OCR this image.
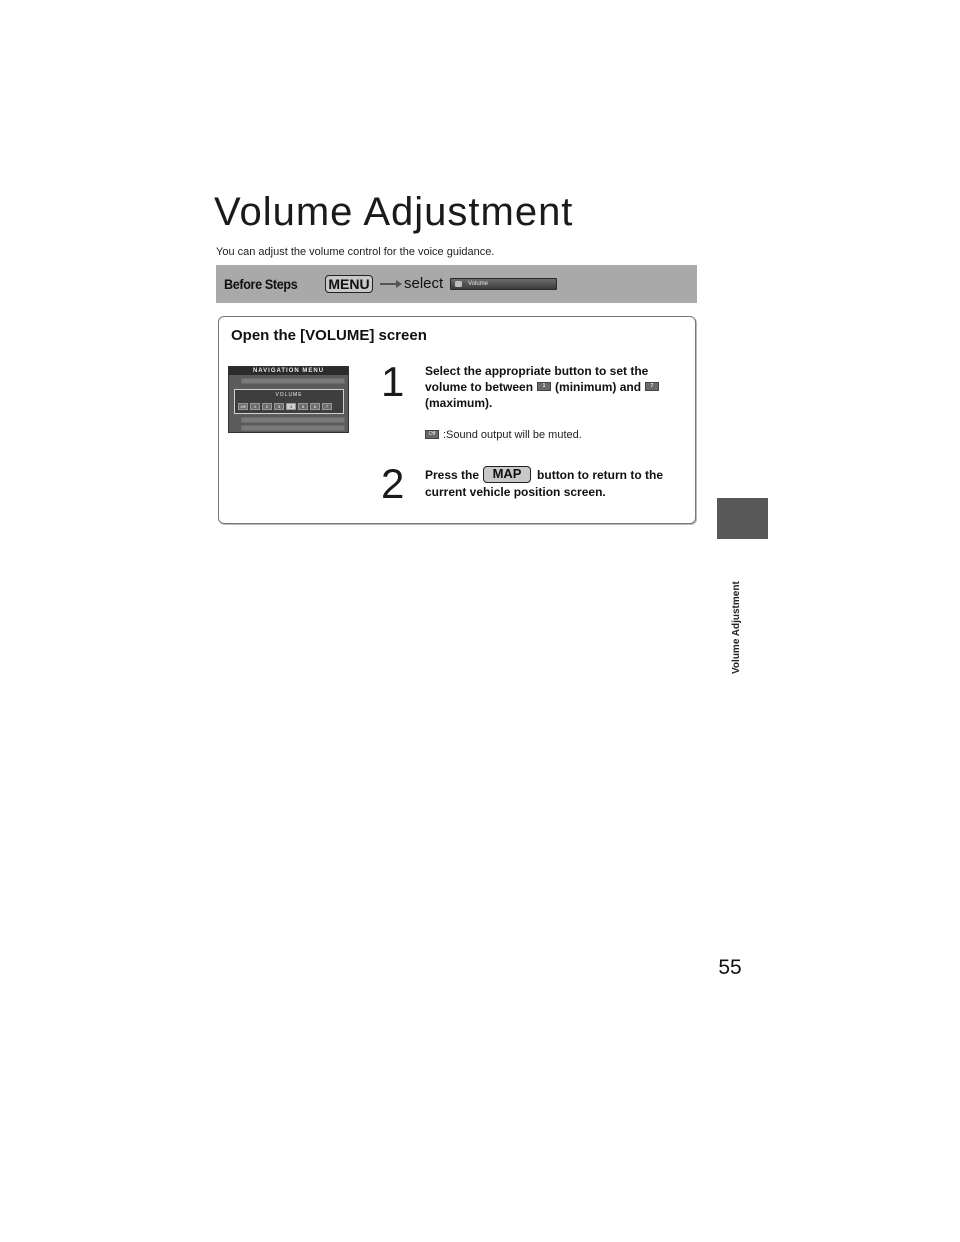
Volume Adjustment
You can adjust the volume control for the voice guidance.
Before Steps MENU select	Volume
Open the [VOLUME] screen
NAVIGATION MENU
VOLUME
Off	1	2	3	4	5	6	7
1 Select the appropriate button to set the
volume to between 1 (minimum) and 7
(maximum).
Off :Sound output will be muted.
2 Press the MAP button to return to the
current vehicle position screen.
Volume Adjustment
55
